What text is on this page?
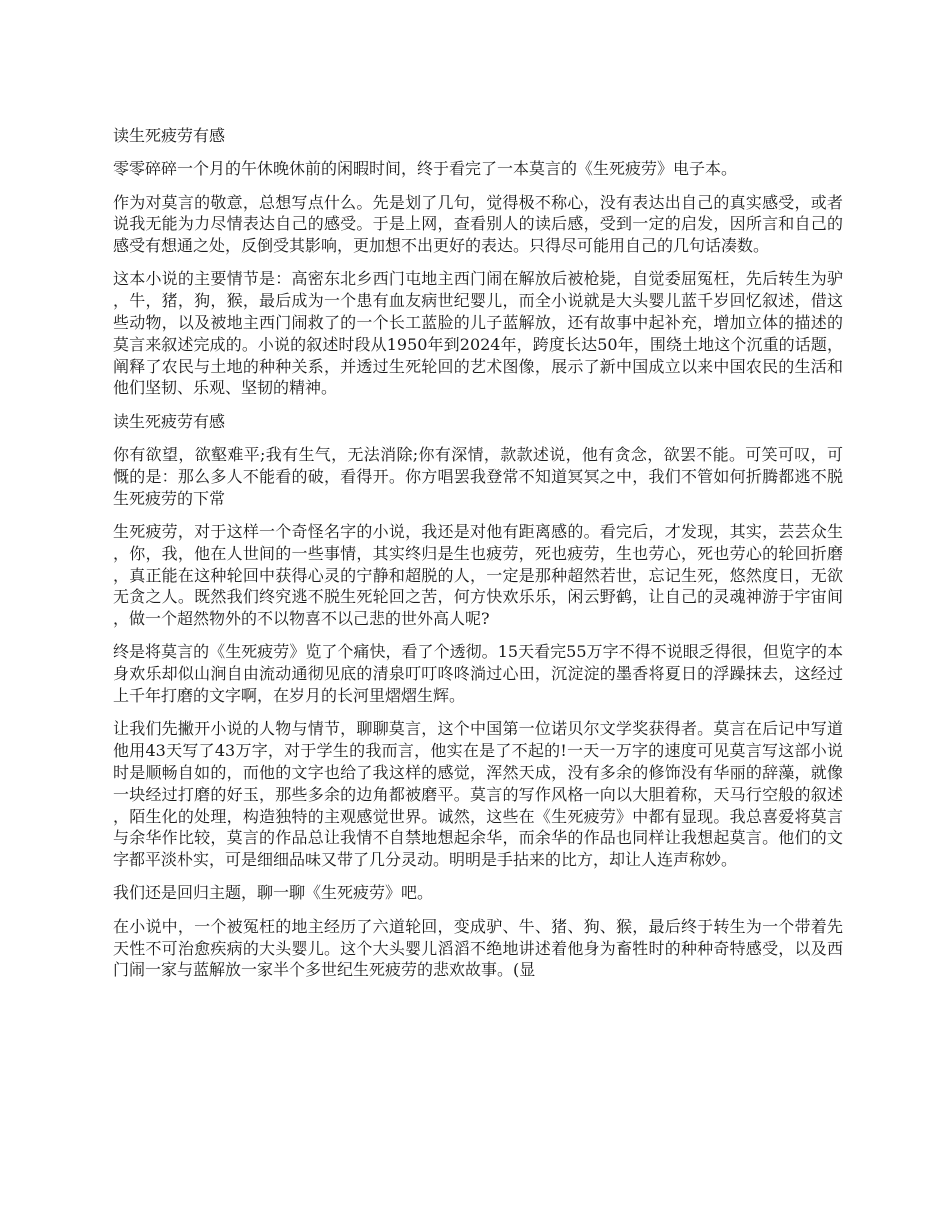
读生死疲劳有感

零零碎碎一个月的午休晚休前的闲暇时间，终于看完了一本莫言的《生死疲劳》电子本。

作为对莫言的敬意，总想写点什么。先是划了几句，觉得极不称心，没有表达出自己的真实感受，或者说我无能为力尽情表达自己的感受。于是上网，查看别人的读后感，受到一定的启发，因所言和自己的感受有想通之处，反倒受其影响，更加想不出更好的表达。只得尽可能用自己的几句话凑数。

这本小说的主要情节是：高密东北乡西门屯地主西门闹在解放后被枪毙，自觉委屈冤枉，先后转生为驴，牛，猪，狗，猴，最后成为一个患有血友病世纪婴儿，而全小说就是大头婴儿蓝千岁回忆叙述，借这些动物，以及被地主西门闹救了的一个长工蓝脸的儿子蓝解放，还有故事中起补充，增加立体的描述的莫言来叙述完成的。小说的叙述时段从1950年到2024年，跨度长达50年，围绕土地这个沉重的话题，阐释了农民与土地的种种关系，并透过生死轮回的艺术图像，展示了新中国成立以来中国农民的生活和他们坚韧、乐观、坚韧的精神。

读生死疲劳有感

你有欲望，欲壑难平;我有生气，无法消除;你有深情，款款述说，他有贪念，欲罢不能。可笑可叹，可慨的是：那么多人不能看的破，看得开。你方唱罢我登常不知道冥冥之中，我们不管如何折腾都逃不脱生死疲劳的下常

生死疲劳，对于这样一个奇怪名字的小说，我还是对他有距离感的。看完后，才发现，其实，芸芸众生，你，我，他在人世间的一些事情，其实终归是生也疲劳，死也疲劳，生也劳心，死也劳心的轮回折磨，真正能在这种轮回中获得心灵的宁静和超脱的人，一定是那种超然若世，忘记生死，悠然度日，无欲无贪之人。既然我们终究逃不脱生死轮回之苦，何方快欢乐乐，闲云野鹤，让自己的灵魂神游于宇宙间，做一个超然物外的不以物喜不以己悲的世外高人呢?

终是将莫言的《生死疲劳》览了个痛快，看了个透彻。15天看完55万字不得不说眼乏得很，但览字的本身欢乐却似山涧自由流动通彻见底的清泉叮叮咚咚淌过心田，沉淀淀的墨香将夏日的浮躁抹去，这经过上千年打磨的文字啊，在岁月的长河里熠熠生辉。

让我们先撇开小说的人物与情节，聊聊莫言，这个中国第一位诺贝尔文学奖获得者。莫言在后记中写道他用43天写了43万字，对于学生的我而言，他实在是了不起的!一天一万字的速度可见莫言写这部小说时是顺畅自如的，而他的文字也给了我这样的感觉，浑然天成，没有多余的修饰没有华丽的辞藻，就像一块经过打磨的好玉，那些多余的边角都被磨平。莫言的写作风格一向以大胆着称，天马行空般的叙述，陌生化的处理，构造独特的主观感觉世界。诚然，这些在《生死疲劳》中都有显现。我总喜爱将莫言与余华作比较，莫言的作品总让我情不自禁地想起余华，而余华的作品也同样让我想起莫言。他们的文字都平淡朴实，可是细细品味又带了几分灵动。明明是手拈来的比方，却让人连声称妙。

我们还是回归主题，聊一聊《生死疲劳》吧。

在小说中，一个被冤枉的地主经历了六道轮回，变成驴、牛、猪、狗、猴，最后终于转生为一个带着先天性不可治愈疾病的大头婴儿。这个大头婴儿滔滔不绝地讲述着他身为畜牲时的种种奇特感受，以及西门闹一家与蓝解放一家半个多世纪生死疲劳的悲欢故事。(显
